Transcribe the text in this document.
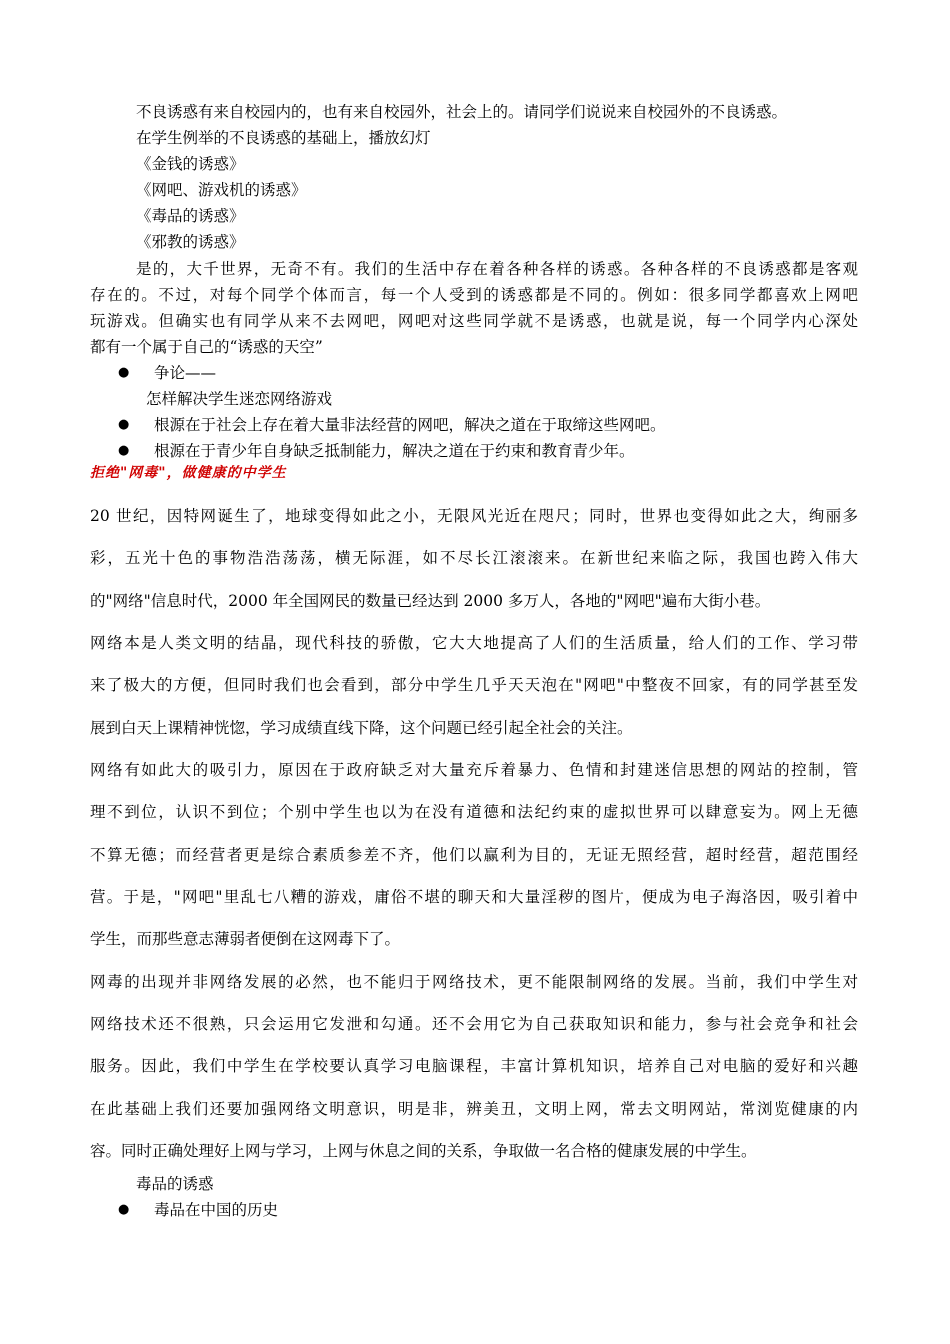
不良诱惑有来自校园内的，也有来自校园外，社会上的。请同学们说说来自校园外的不良诱惑。
在学生例举的不良诱惑的基础上，播放幻灯
《金钱的诱惑》
《网吧、游戏机的诱惑》
《毒品的诱惑》
《邪教的诱惑》
是的，大千世界，无奇不有。我们的生活中存在着各种各样的诱惑。各种各样的不良诱惑都是客观
存在的。不过，对每个同学个体而言，每一个人受到的诱惑都是不同的。例如：很多同学都喜欢上网吧
玩游戏。但确实也有同学从来不去网吧，网吧对这些同学就不是诱惑，也就是说，每一个同学内心深处
都有一个属于自己的“诱惑的天空”
● 争论——
怎样解决学生迷恋网络游戏
● 根源在于社会上存在着大量非法经营的网吧，解决之道在于取缔这些网吧。
● 根源在于青少年自身缺乏抵制能力，解决之道在于约束和教育青少年。
拒绝"网毒"，做健康的中学生
20 世纪，因特网诞生了，地球变得如此之小，无限风光近在咫尺；同时，世界也变得如此之大，绚丽多
彩，五光十色的事物浩浩荡荡，横无际涯，如不尽长江滚滚来。在新世纪来临之际，我国也跨入伟大
的"网络"信息时代，2000 年全国网民的数量已经达到 2000 多万人，各地的"网吧"遍布大街小巷。
网络本是人类文明的结晶，现代科技的骄傲，它大大地提高了人们的生活质量，给人们的工作、学习带
来了极大的方便，但同时我们也会看到，部分中学生几乎天天泡在"网吧"中整夜不回家，有的同学甚至发
展到白天上课精神恍惚，学习成绩直线下降，这个问题已经引起全社会的关注。
网络有如此大的吸引力，原因在于政府缺乏对大量充斥着暴力、色情和封建迷信思想的网站的控制，管
理不到位，认识不到位；个别中学生也以为在没有道德和法纪约束的虚拟世界可以肆意妄为。网上无德
不算无德；而经营者更是综合素质参差不齐，他们以赢利为目的，无证无照经营，超时经营，超范围经
营。于是，"网吧"里乱七八糟的游戏，庸俗不堪的聊天和大量淫秽的图片，便成为电子海洛因，吸引着中
学生，而那些意志薄弱者便倒在这网毒下了。
网毒的出现并非网络发展的必然，也不能归于网络技术，更不能限制网络的发展。当前，我们中学生对
网络技术还不很熟，只会运用它发泄和勾通。还不会用它为自己获取知识和能力，参与社会竞争和社会
服务。因此，我们中学生在学校要认真学习电脑课程，丰富计算机知识，培养自己对电脑的爱好和兴趣
在此基础上我们还要加强网络文明意识，明是非，辨美丑，文明上网，常去文明网站，常浏览健康的内
容。同时正确处理好上网与学习，上网与休息之间的关系，争取做一名合格的健康发展的中学生。
毒品的诱惑
● 毒品在中国的历史
